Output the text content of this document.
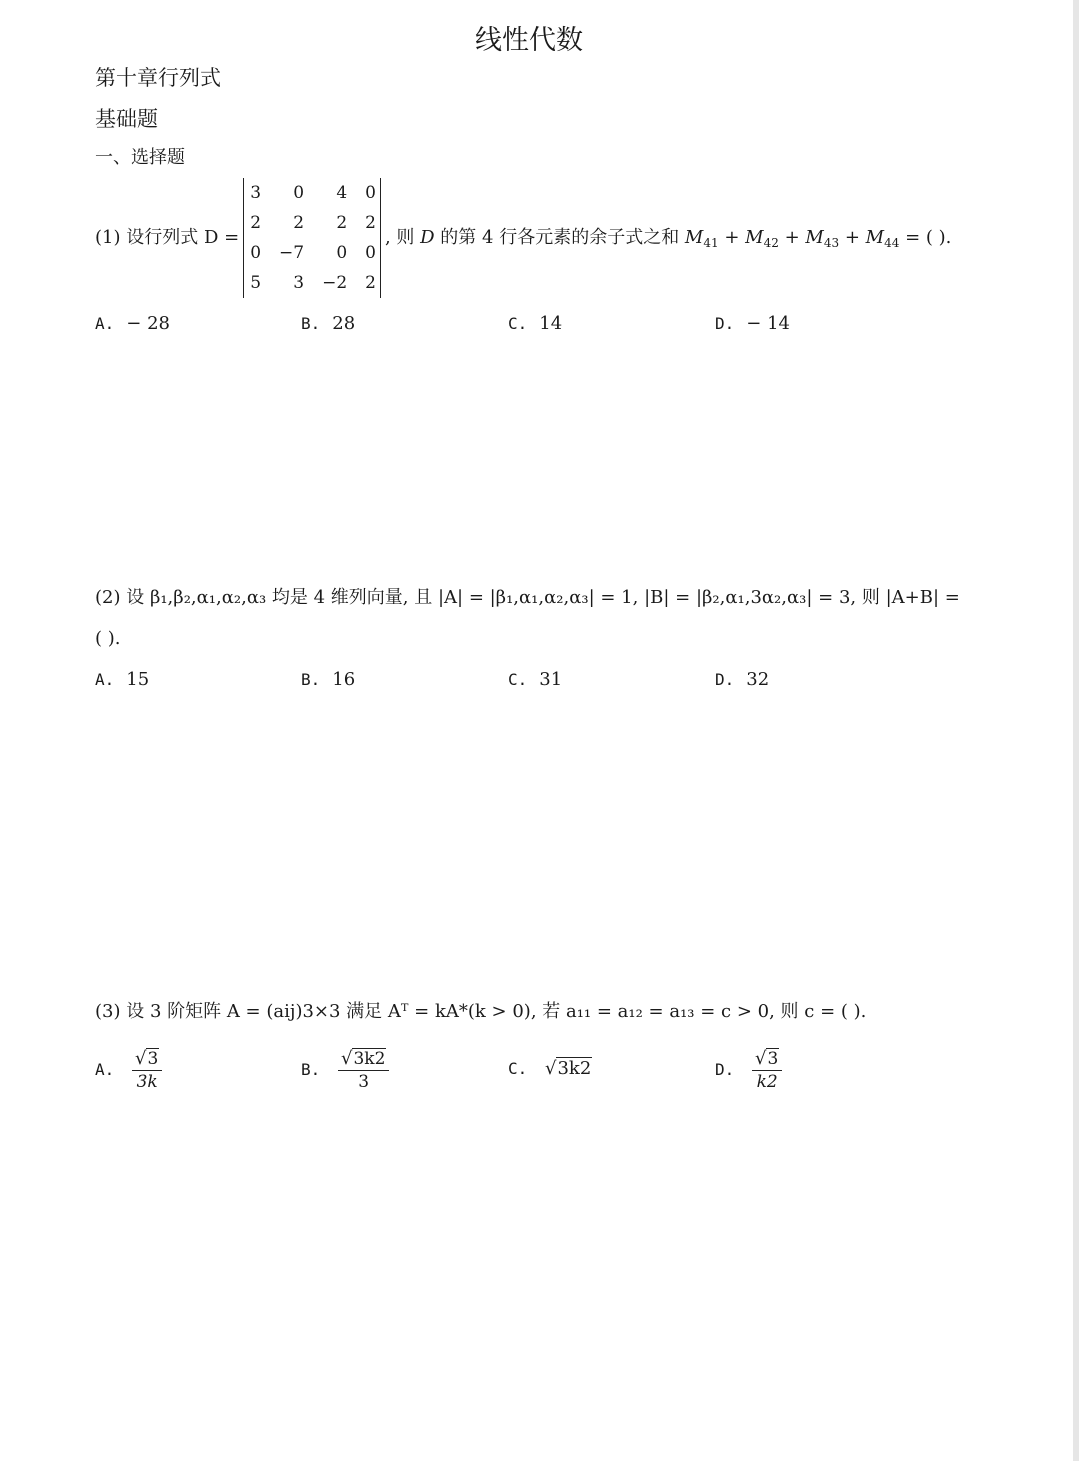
线性代数
第十章行列式
基础题
一、选择题
(1) 设行列式 D =
3	0	4	0
2	2	2	2
0	−7	0	0
5	3	−2	2
, 则 D 的第 4 行各元素的余子式之和 $M_{41} + M_{42} + M_{43} + M_{44}$ = ( ).
A. − 28	B. 28	C. 14	D. − 14
(2) 设 β₁,β₂,α₁,α₂,α₃ 均是 4 维列向量, 且 |A| = |β₁,α₁,α₂,α₃| = 1, |B| = |β₂,α₁,3α₂,α₃| = 3, 则 |A+B| =
( ).
A. 15	B. 16	C. 31	D. 32
(3) 设 3 阶矩阵 A = (aij)3×3 满足 Aᵀ = kA*(k > 0), 若 a₁₁ = a₁₂ = a₁₃ = c > 0, 则 c = ( ).
A. $\frac{√3}{3k}$	B. $\frac{√3k2}{3}$	C. √3k2	D. $\frac{√3}{k2}$
